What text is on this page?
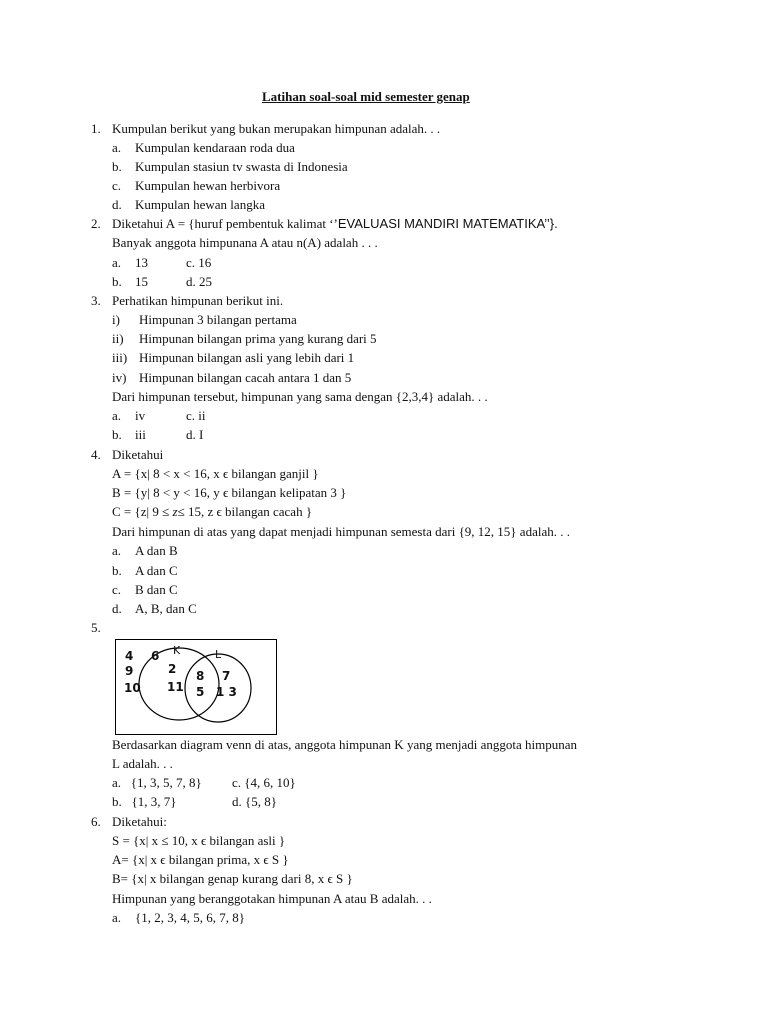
Latihan soal-soal mid semester genap
1. Kumpulan berikut yang bukan merupakan himpunan adalah. . .
a. Kumpulan kendaraan roda dua
b. Kumpulan stasiun tv swasta di Indonesia
c. Kumpulan hewan herbivora
d. Kumpulan hewan langka
2. Diketahui A = {huruf pembentuk kalimat ‘’EVALUASI MANDIRI MATEMATIKA’’}.
Banyak anggota himpunana A atau n(A) adalah . . .
a. 13	c. 16
b. 15	d. 25
3. Perhatikan himpunan berikut ini.
i) Himpunan 3 bilangan pertama
ii) Himpunan bilangan prima yang kurang dari 5
iii) Himpunan bilangan asli yang lebih dari 1
iv) Himpunan bilangan cacah antara 1 dan 5
Dari himpunan tersebut, himpunan yang sama dengan {2,3,4} adalah. . .
a. iv	c. ii
b. iii	d. I
4. Diketahui
A = {x| 8 < x < 16, x ϵ bilangan ganjil }
B = {y| 8 < y < 16, y ϵ bilangan kelipatan 3 }
C = {z| 9 ≤ z≤ 15, z ϵ bilangan cacah }
Dari himpunan di atas yang dapat menjadi himpunan semesta dari {9, 12, 15} adalah. . .
a. A dan B
b. A dan C
c. B dan C
d. A, B, dan C
5.
K	L
4 6
9
10
2
11
8
5
7
1 3
Berdasarkan diagram venn di atas, anggota himpunan K yang menjadi anggota himpunan
L adalah. . .
a.   {1, 3, 5, 7, 8} c. {4, 6, 10}
b.   {1, 3, 7}	d. {5, 8}
6. Diketahui:
S = {x| x ≤ 10, x ϵ bilangan asli }
A= {x| x ϵ bilangan prima, x ϵ S }
B= {x| x bilangan genap kurang dari 8, x ϵ S }
Himpunan yang beranggotakan himpunan A atau B adalah. . .
a. {1, 2, 3, 4, 5, 6, 7, 8}
